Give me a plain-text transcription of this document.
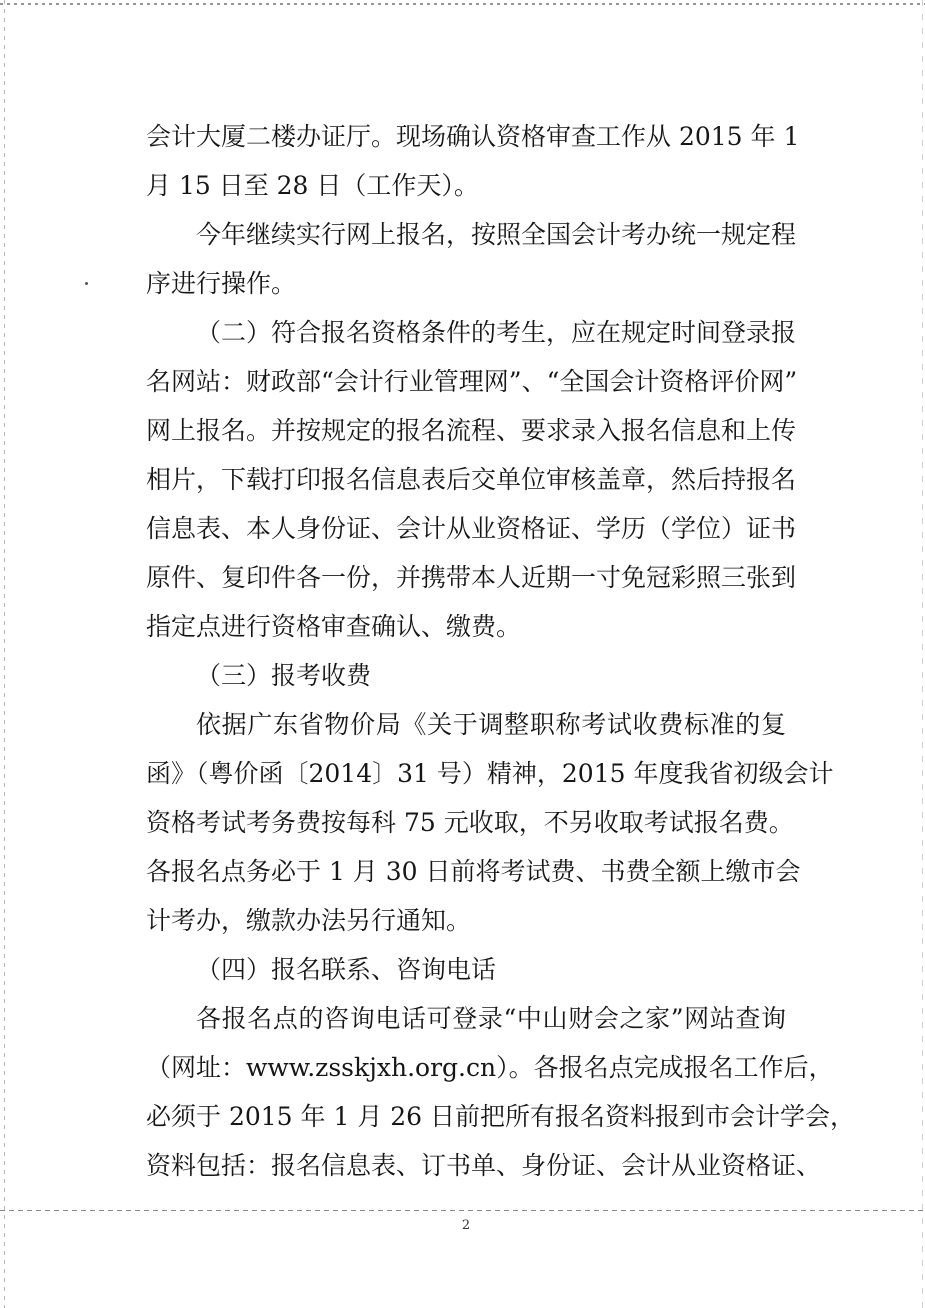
会计大厦二楼办证厅。现场确认资格审查工作从 2015 年 1
月 15 日至 28 日（工作天）。
今年继续实行网上报名，按照全国会计考办统一规定程
序进行操作。
（二）符合报名资格条件的考生，应在规定时间登录报
名网站：财政部“会计行业管理网”、“全国会计资格评价网”
网上报名。并按规定的报名流程、要求录入报名信息和上传
相片，下载打印报名信息表后交单位审核盖章，然后持报名
信息表、本人身份证、会计从业资格证、学历（学位）证书
原件、复印件各一份，并携带本人近期一寸免冠彩照三张到
指定点进行资格审查确认、缴费。
（三）报考收费
依据广东省物价局《关于调整职称考试收费标准的复
函》（粤价函〔2014〕31 号）精神，2015 年度我省初级会计
资格考试考务费按每科 75 元收取，不另收取考试报名费。
各报名点务必于 1 月 30 日前将考试费、书费全额上缴市会
计考办，缴款办法另行通知。
（四）报名联系、咨询电话
各报名点的咨询电话可登录“中山财会之家”网站查询
（网址：www.zsskjxh.org.cn）。各报名点完成报名工作后，
必须于 2015 年 1 月 26 日前把所有报名资料报到市会计学会，
资料包括：报名信息表、订书单、身份证、会计从业资格证、
2
